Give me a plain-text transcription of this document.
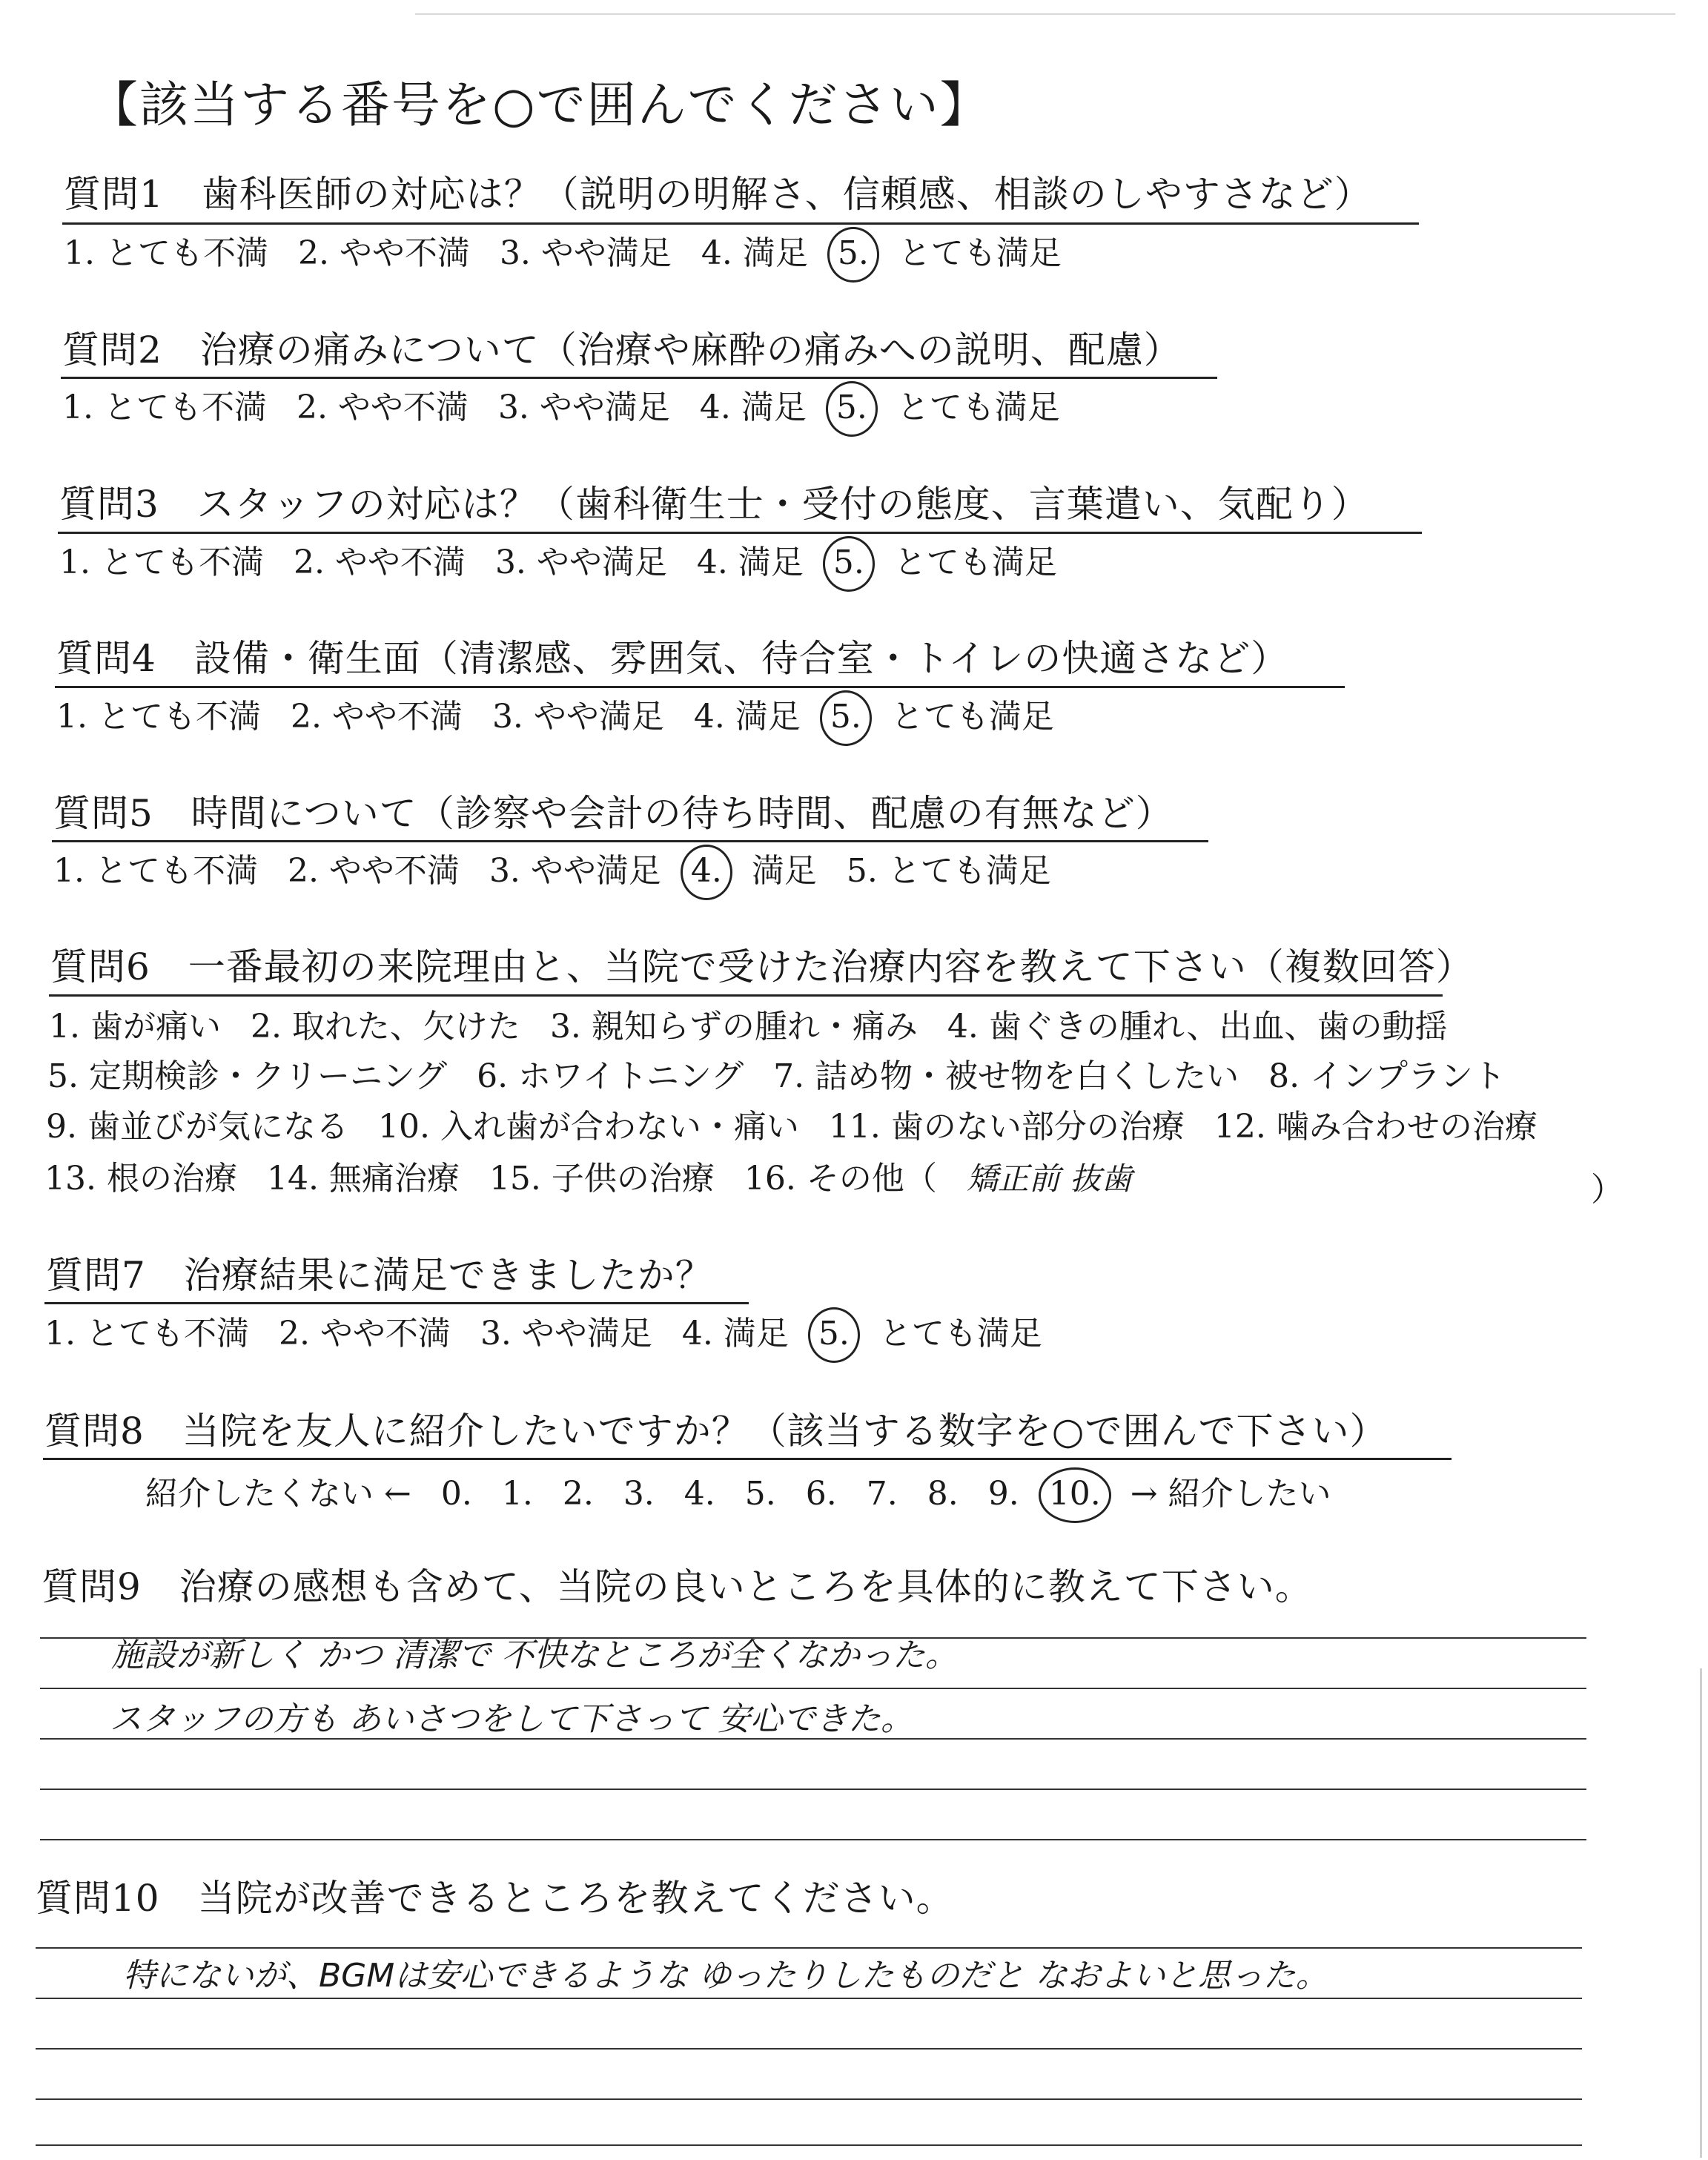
【該当する番号を○で囲んでください】
質問1　歯科医師の対応は？（説明の明解さ、信頼感、相談のしやすさなど）
1. とても不満 2. やや不満 3. やや満足 4. 満足 5. とても満足
質問2　治療の痛みについて（治療や麻酔の痛みへの説明、配慮）
1. とても不満 2. やや不満 3. やや満足 4. 満足 5. とても満足
質問3　スタッフの対応は？（歯科衛生士・受付の態度、言葉遣い、気配り）
1. とても不満 2. やや不満 3. やや満足 4. 満足 5. とても満足
質問4　設備・衛生面（清潔感、雰囲気、待合室・トイレの快適さなど）
1. とても不満 2. やや不満 3. やや満足 4. 満足 5. とても満足
質問5　時間について（診察や会計の待ち時間、配慮の有無など）
1. とても不満 2. やや不満 3. やや満足 4. 満足 5. とても満足
質問6　一番最初の来院理由と、当院で受けた治療内容を教えて下さい（複数回答）
1. 歯が痛い 2. 取れた、欠けた 3. 親知らずの腫れ・痛み 4. 歯ぐきの腫れ、出血、歯の動揺
5. 定期検診・クリーニング 6. ホワイトニング 7. 詰め物・被せ物を白くしたい 8. インプラント
9. 歯並びが気になる 10. 入れ歯が合わない・痛い 11. 歯のない部分の治療 12. 噛み合わせの治療
13. 根の治療 14. 無痛治療 15. 子供の治療 16. その他（ 矯正前 抜歯	）
質問7　治療結果に満足できましたか？
1. とても不満 2. やや不満 3. やや満足 4. 満足 5. とても満足
質問8　当院を友人に紹介したいですか？（該当する数字を○で囲んで下さい）
紹介したくない ← 0. 1. 2. 3. 4. 5. 6. 7. 8. 9. 10. → 紹介したい
質問9　治療の感想も含めて、当院の良いところを具体的に教えて下さい。
施設が新しく かつ 清潔で 不快なところが全くなかった。
スタッフの方も あいさつをして下さって 安心できた。
質問10　当院が改善できるところを教えてください。
特にないが、BGMは安心できるような ゆったりしたものだと なおよいと思った。
